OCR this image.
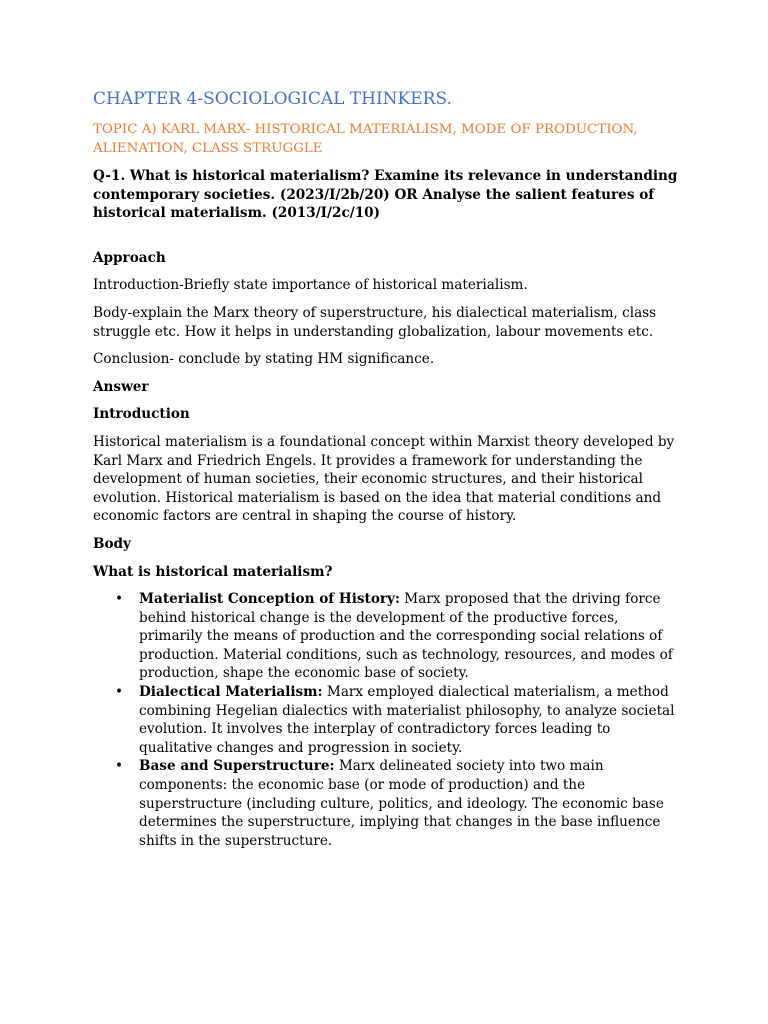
CHAPTER 4-SOCIOLOGICAL THINKERS.
TOPIC A) KARL MARX- HISTORICAL MATERIALISM, MODE OF PRODUCTION, ALIENATION, CLASS STRUGGLE

Q-1. What is historical materialism? Examine its relevance in understanding contemporary societies. (2023/I/2b/20) OR Analyse the salient features of historical materialism. (2013/I/2c/10)

Approach

Introduction-Briefly state importance of historical materialism.

Body-explain the Marx theory of superstructure, his dialectical materialism, class struggle etc. How it helps in understanding globalization, labour movements etc.

Conclusion- conclude by stating HM significance.

Answer

Introduction

Historical materialism is a foundational concept within Marxist theory developed by Karl Marx and Friedrich Engels. It provides a framework for understanding the development of human societies, their economic structures, and their historical evolution. Historical materialism is based on the idea that material conditions and economic factors are central in shaping the course of history.

Body

What is historical materialism?

• Materialist Conception of History: Marx proposed that the driving force behind historical change is the development of the productive forces, primarily the means of production and the corresponding social relations of production. Material conditions, such as technology, resources, and modes of production, shape the economic base of society.
• Dialectical Materialism: Marx employed dialectical materialism, a method combining Hegelian dialectics with materialist philosophy, to analyze societal evolution. It involves the interplay of contradictory forces leading to qualitative changes and progression in society.
• Base and Superstructure: Marx delineated society into two main components: the economic base (or mode of production) and the superstructure (including culture, politics, and ideology. The economic base determines the superstructure, implying that changes in the base influence shifts in the superstructure.
